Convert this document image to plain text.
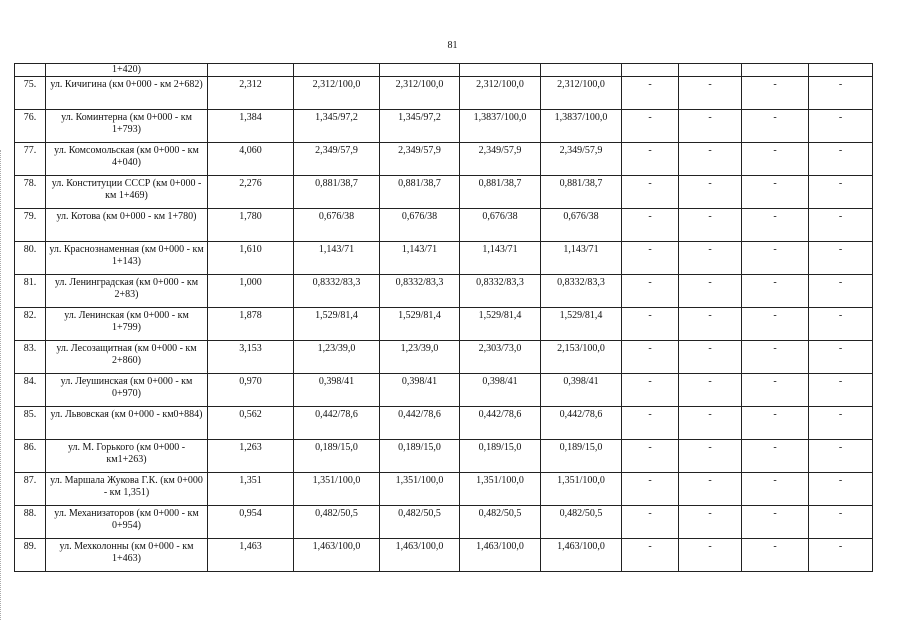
81
	1+420)									
75.	ул. Кичигина (км 0+000 - км 2+682)	2,312	2,312/100,0	2,312/100,0	2,312/100,0	2,312/100,0	-	-	-	-
76.	ул. Коминтерна (км 0+000 - км 1+793)	1,384	1,345/97,2	1,345/97,2	1,3837/100,0	1,3837/100,0	-	-	-	-
77.	ул. Комсомольская (км 0+000 - км 4+040)	4,060	2,349/57,9	2,349/57,9	2,349/57,9	2,349/57,9	-	-	-	-
78.	ул. Конституции СССР (км 0+000 - км 1+469)	2,276	0,881/38,7	0,881/38,7	0,881/38,7	0,881/38,7	-	-	-	-
79.	ул. Котова (км 0+000 - км 1+780)	1,780	0,676/38	0,676/38	0,676/38	0,676/38	-	-	-	-
80.	ул. Краснознаменная (км 0+000 - км 1+143)	1,610	1,143/71	1,143/71	1,143/71	1,143/71	-	-	-	-
81.	ул. Ленинградская (км 0+000 - км 2+83)	1,000	0,8332/83,3	0,8332/83,3	0,8332/83,3	0,8332/83,3	-	-	-	-
82.	ул. Ленинская (км 0+000 - км 1+799)	1,878	1,529/81,4	1,529/81,4	1,529/81,4	1,529/81,4	-	-	-	-
83.	ул. Лесозащитная (км 0+000 - км 2+860)	3,153	1,23/39,0	1,23/39,0	2,303/73,0	2,153/100,0	-	-	-	-
84.	ул. Леушинская (км 0+000 - км 0+970)	0,970	0,398/41	0,398/41	0,398/41	0,398/41	-	-	-	-
85.	ул. Львовская (км 0+000 - км0+884)	0,562	0,442/78,6	0,442/78,6	0,442/78,6	0,442/78,6	-	-	-	-
86.	ул. М. Горького (км 0+000 - км1+263)	1,263	0,189/15,0	0,189/15,0	0,189/15,0	0,189/15,0	-	-	-	-
87.	ул. Маршала Жукова Г.К. (км 0+000 - км 1,351)	1,351	1,351/100,0	1,351/100,0	1,351/100,0	1,351/100,0	-	-	-	-
88.	ул. Механизаторов (км 0+000 - км 0+954)	0,954	0,482/50,5	0,482/50,5	0,482/50,5	0,482/50,5	-	-	-	-
89.	ул. Мехколонны (км 0+000 - км 1+463)	1,463	1,463/100,0	1,463/100,0	1,463/100,0	1,463/100,0	-	-	-	-
